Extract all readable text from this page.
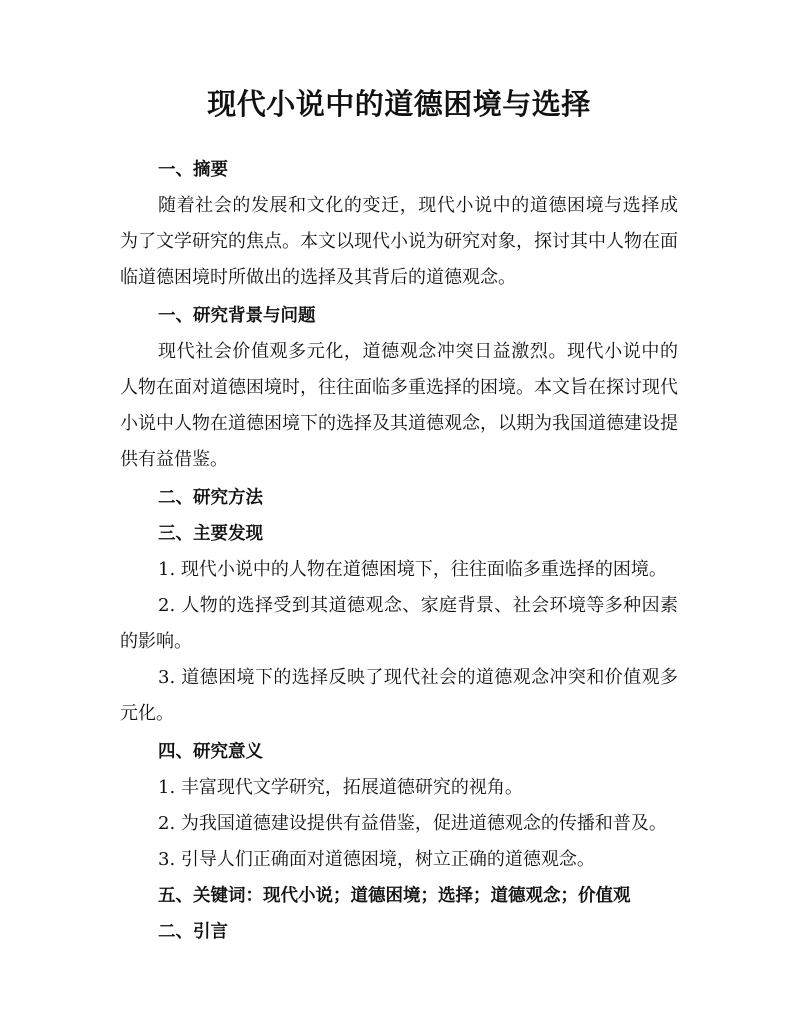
现代小说中的道德困境与选择

一、摘要

随着社会的发展和文化的变迁，现代小说中的道德困境与选择成为了文学研究的焦点。本文以现代小说为研究对象，探讨其中人物在面临道德困境时所做出的选择及其背后的道德观念。

一、研究背景与问题

现代社会价值观多元化，道德观念冲突日益激烈。现代小说中的人物在面对道德困境时，往往面临多重选择的困境。本文旨在探讨现代小说中人物在道德困境下的选择及其道德观念，以期为我国道德建设提供有益借鉴。

二、研究方法

三、主要发现

1. 现代小说中的人物在道德困境下，往往面临多重选择的困境。

2. 人物的选择受到其道德观念、家庭背景、社会环境等多种因素的影响。

3. 道德困境下的选择反映了现代社会的道德观念冲突和价值观多元化。

四、研究意义

1. 丰富现代文学研究，拓展道德研究的视角。

2. 为我国道德建设提供有益借鉴，促进道德观念的传播和普及。

3. 引导人们正确面对道德困境，树立正确的道德观念。

五、关键词：现代小说；道德困境；选择；道德观念；价值观

二、引言
